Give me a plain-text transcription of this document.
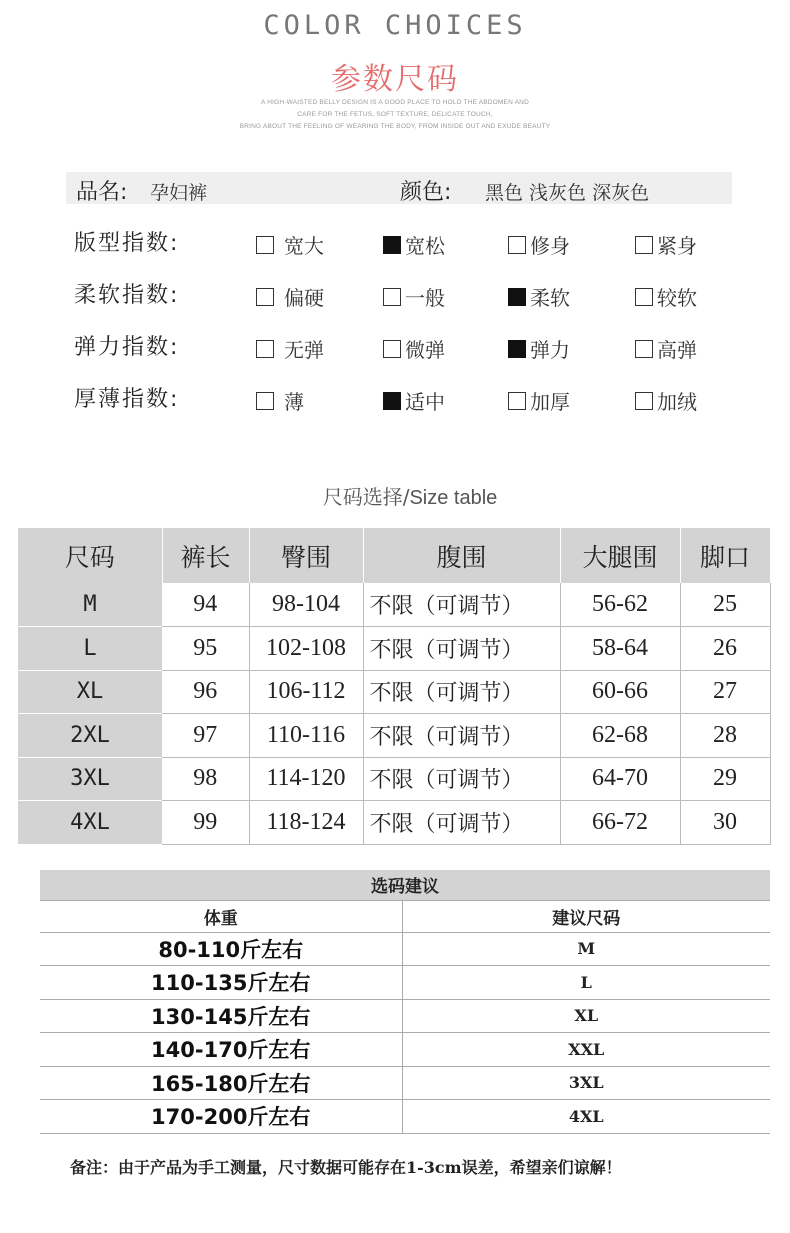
COLOR CHOICES
参数尺码
A HIGH-WAISTED BELLY DESIGN IS A GOOD PLACE TO HOLD THE ABDOMEN AND
CARE FOR THE FETUS, SOFT TEXTURE, DELICATE TOUCH,
BRING ABOUT THE FEELING OF WEARING THE BODY, FROM INSIDE OUT AND EXUDE BEAUTY
品名: 孕妇裤	颜色: 黑色 浅灰色 深灰色
版型指数:	宽大	宽松	修身	紧身
柔软指数:	偏硬	一般	柔软	较软
弹力指数:	无弹	微弹	弹力	高弹
厚薄指数:	薄	适中	加厚	加绒
尺码选择/Size table
尺码	裤长	臀围	腹围	大腿围	脚口
M	94	98-104	不限（可调节）	56-62	25
L	95	102-108	不限（可调节）	58-64	26
XL	96	106-112	不限（可调节）	60-66	27
2XL	97	110-116	不限（可调节）	62-68	28
3XL	98	114-120	不限（可调节）	64-70	29
4XL	99	118-124	不限（可调节）	66-72	30
选码建议	
体重	建议尺码
80-110斤左右	M
110-135斤左右	L
130-145斤左右	XL
140-170斤左右	XXL
165-180斤左右	3XL
170-200斤左右	4XL
备注：由于产品为手工测量，尺寸数据可能存在1-3cm误差，希望亲们谅解！
